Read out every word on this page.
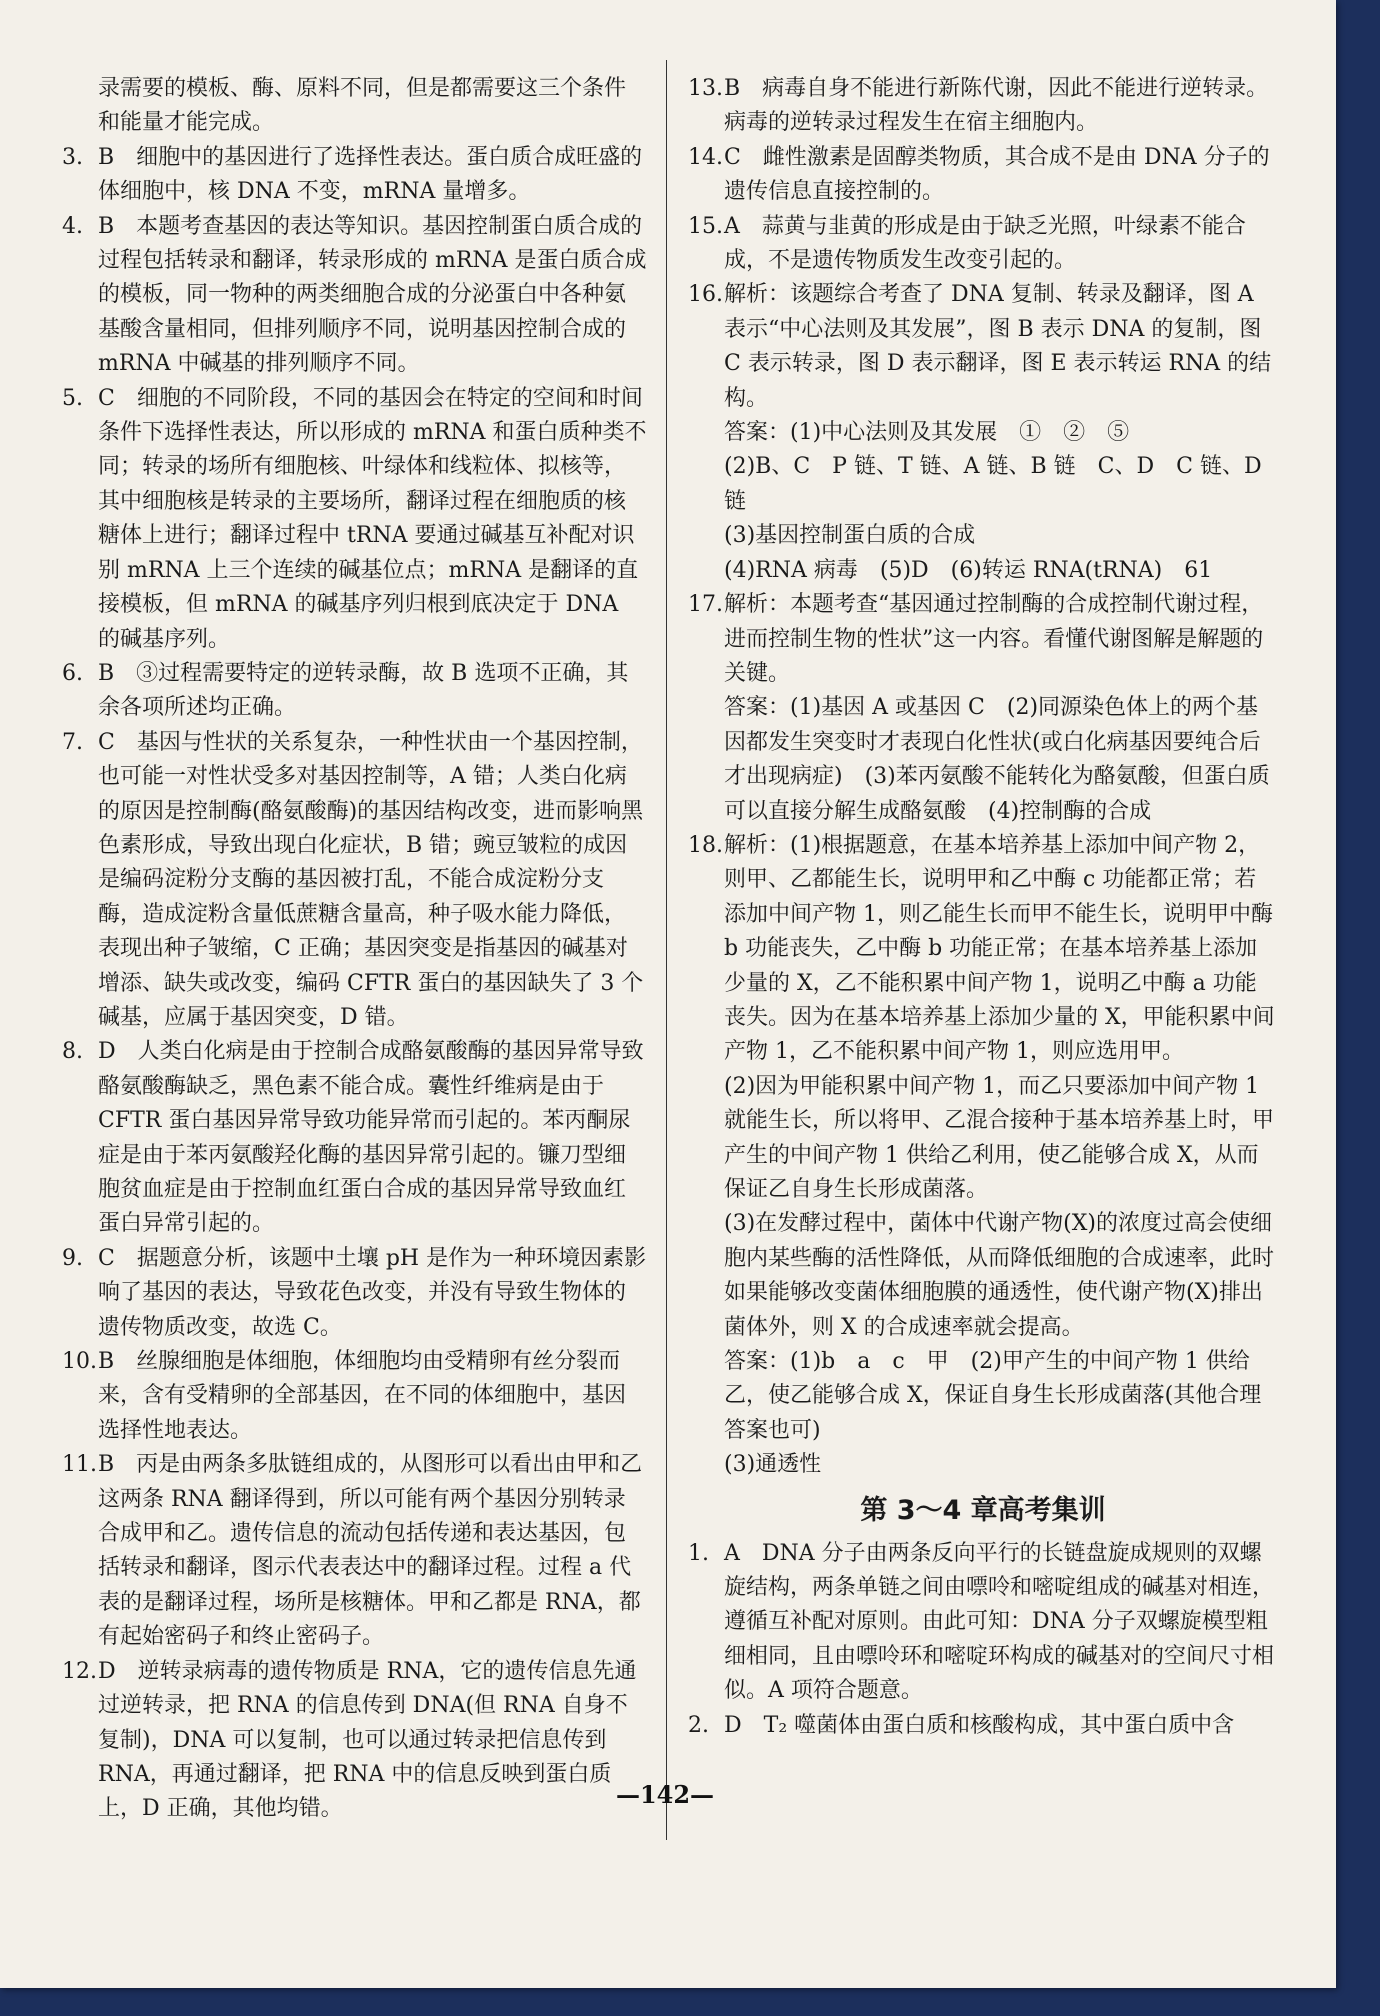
录需要的模板、酶、原料不同，但是都需要这三个条件和能量才能完成。
3. B　细胞中的基因进行了选择性表达。蛋白质合成旺盛的体细胞中，核 DNA 不变，mRNA 量增多。
4. B　本题考查基因的表达等知识。基因控制蛋白质合成的过程包括转录和翻译，转录形成的 mRNA 是蛋白质合成的模板，同一物种的两类细胞合成的分泌蛋白中各种氨基酸含量相同，但排列顺序不同，说明基因控制合成的 mRNA 中碱基的排列顺序不同。
5. C　细胞的不同阶段，不同的基因会在特定的空间和时间条件下选择性表达，所以形成的 mRNA 和蛋白质种类不同；转录的场所有细胞核、叶绿体和线粒体、拟核等，其中细胞核是转录的主要场所，翻译过程在细胞质的核糖体上进行；翻译过程中 tRNA 要通过碱基互补配对识别 mRNA 上三个连续的碱基位点；mRNA 是翻译的直接模板，但 mRNA 的碱基序列归根到底决定于 DNA 的碱基序列。
6. B　③过程需要特定的逆转录酶，故 B 选项不正确，其余各项所述均正确。
7. C　基因与性状的关系复杂，一种性状由一个基因控制，也可能一对性状受多对基因控制等，A 错；人类白化病的原因是控制酶(酪氨酸酶)的基因结构改变，进而影响黑色素形成，导致出现白化症状，B 错；豌豆皱粒的成因是编码淀粉分支酶的基因被打乱，不能合成淀粉分支酶，造成淀粉含量低蔗糖含量高，种子吸水能力降低，表现出种子皱缩，C 正确；基因突变是指基因的碱基对增添、缺失或改变，编码 CFTR 蛋白的基因缺失了 3 个碱基，应属于基因突变，D 错。
8. D　人类白化病是由于控制合成酪氨酸酶的基因异常导致酪氨酸酶缺乏，黑色素不能合成。囊性纤维病是由于 CFTR 蛋白基因异常导致功能异常而引起的。苯丙酮尿症是由于苯丙氨酸羟化酶的基因异常引起的。镰刀型细胞贫血症是由于控制血红蛋白合成的基因异常导致血红蛋白异常引起的。
9. C　据题意分析，该题中土壤 pH 是作为一种环境因素影响了基因的表达，导致花色改变，并没有导致生物体的遗传物质改变，故选 C。
10. B　丝腺细胞是体细胞，体细胞均由受精卵有丝分裂而来，含有受精卵的全部基因，在不同的体细胞中，基因选择性地表达。
11. B　丙是由两条多肽链组成的，从图形可以看出由甲和乙这两条 RNA 翻译得到，所以可能有两个基因分别转录合成甲和乙。遗传信息的流动包括传递和表达基因，包括转录和翻译，图示代表表达中的翻译过程。过程 a 代表的是翻译过程，场所是核糖体。甲和乙都是 RNA，都有起始密码子和终止密码子。
12. D　逆转录病毒的遗传物质是 RNA，它的遗传信息先通过逆转录，把 RNA 的信息传到 DNA(但 RNA 自身不复制)，DNA 可以复制，也可以通过转录把信息传到 RNA，再通过翻译，把 RNA 中的信息反映到蛋白质上，D 正确，其他均错。
13. B　病毒自身不能进行新陈代谢，因此不能进行逆转录。病毒的逆转录过程发生在宿主细胞内。
14. C　雌性激素是固醇类物质，其合成不是由 DNA 分子的遗传信息直接控制的。
15. A　蒜黄与韭黄的形成是由于缺乏光照，叶绿素不能合成，不是遗传物质发生改变引起的。
16. 解析：该题综合考查了 DNA 复制、转录及翻译，图 A 表示“中心法则及其发展”，图 B 表示 DNA 的复制，图 C 表示转录，图 D 表示翻译，图 E 表示转运 RNA 的结构。
答案：(1)中心法则及其发展　①　②　⑤
(2)B、C　P 链、T 链、A 链、B 链　C、D　C 链、D 链
(3)基因控制蛋白质的合成
(4)RNA 病毒　(5)D　(6)转运 RNA(tRNA)　61
17. 解析：本题考查“基因通过控制酶的合成控制代谢过程，进而控制生物的性状”这一内容。看懂代谢图解是解题的关键。
答案：(1)基因 A 或基因 C　(2)同源染色体上的两个基因都发生突变时才表现白化性状(或白化病基因要纯合后才出现病症)　(3)苯丙氨酸不能转化为酪氨酸，但蛋白质可以直接分解生成酪氨酸　(4)控制酶的合成
18. 解析：(1)根据题意，在基本培养基上添加中间产物 2，则甲、乙都能生长，说明甲和乙中酶 c 功能都正常；若添加中间产物 1，则乙能生长而甲不能生长，说明甲中酶 b 功能丧失，乙中酶 b 功能正常；在基本培养基上添加少量的 X，乙不能积累中间产物 1，说明乙中酶 a 功能丧失。因为在基本培养基上添加少量的 X，甲能积累中间产物 1，乙不能积累中间产物 1，则应选用甲。
(2)因为甲能积累中间产物 1，而乙只要添加中间产物 1 就能生长，所以将甲、乙混合接种于基本培养基上时，甲产生的中间产物 1 供给乙利用，使乙能够合成 X，从而保证乙自身生长形成菌落。
(3)在发酵过程中，菌体中代谢产物(X)的浓度过高会使细胞内某些酶的活性降低，从而降低细胞的合成速率，此时如果能够改变菌体细胞膜的通透性，使代谢产物(X)排出菌体外，则 X 的合成速率就会提高。
答案：(1)b　a　c　甲　(2)甲产生的中间产物 1 供给乙，使乙能够合成 X，保证自身生长形成菌落(其他合理答案也可)
(3)通透性
第 3～4 章高考集训
1. A　DNA 分子由两条反向平行的长链盘旋成规则的双螺旋结构，两条单链之间由嘌呤和嘧啶组成的碱基对相连，遵循互补配对原则。由此可知：DNA 分子双螺旋模型粗细相同，且由嘌呤环和嘧啶环构成的碱基对的空间尺寸相似。A 项符合题意。
2. D　T₂ 噬菌体由蛋白质和核酸构成，其中蛋白质中含
—142—
